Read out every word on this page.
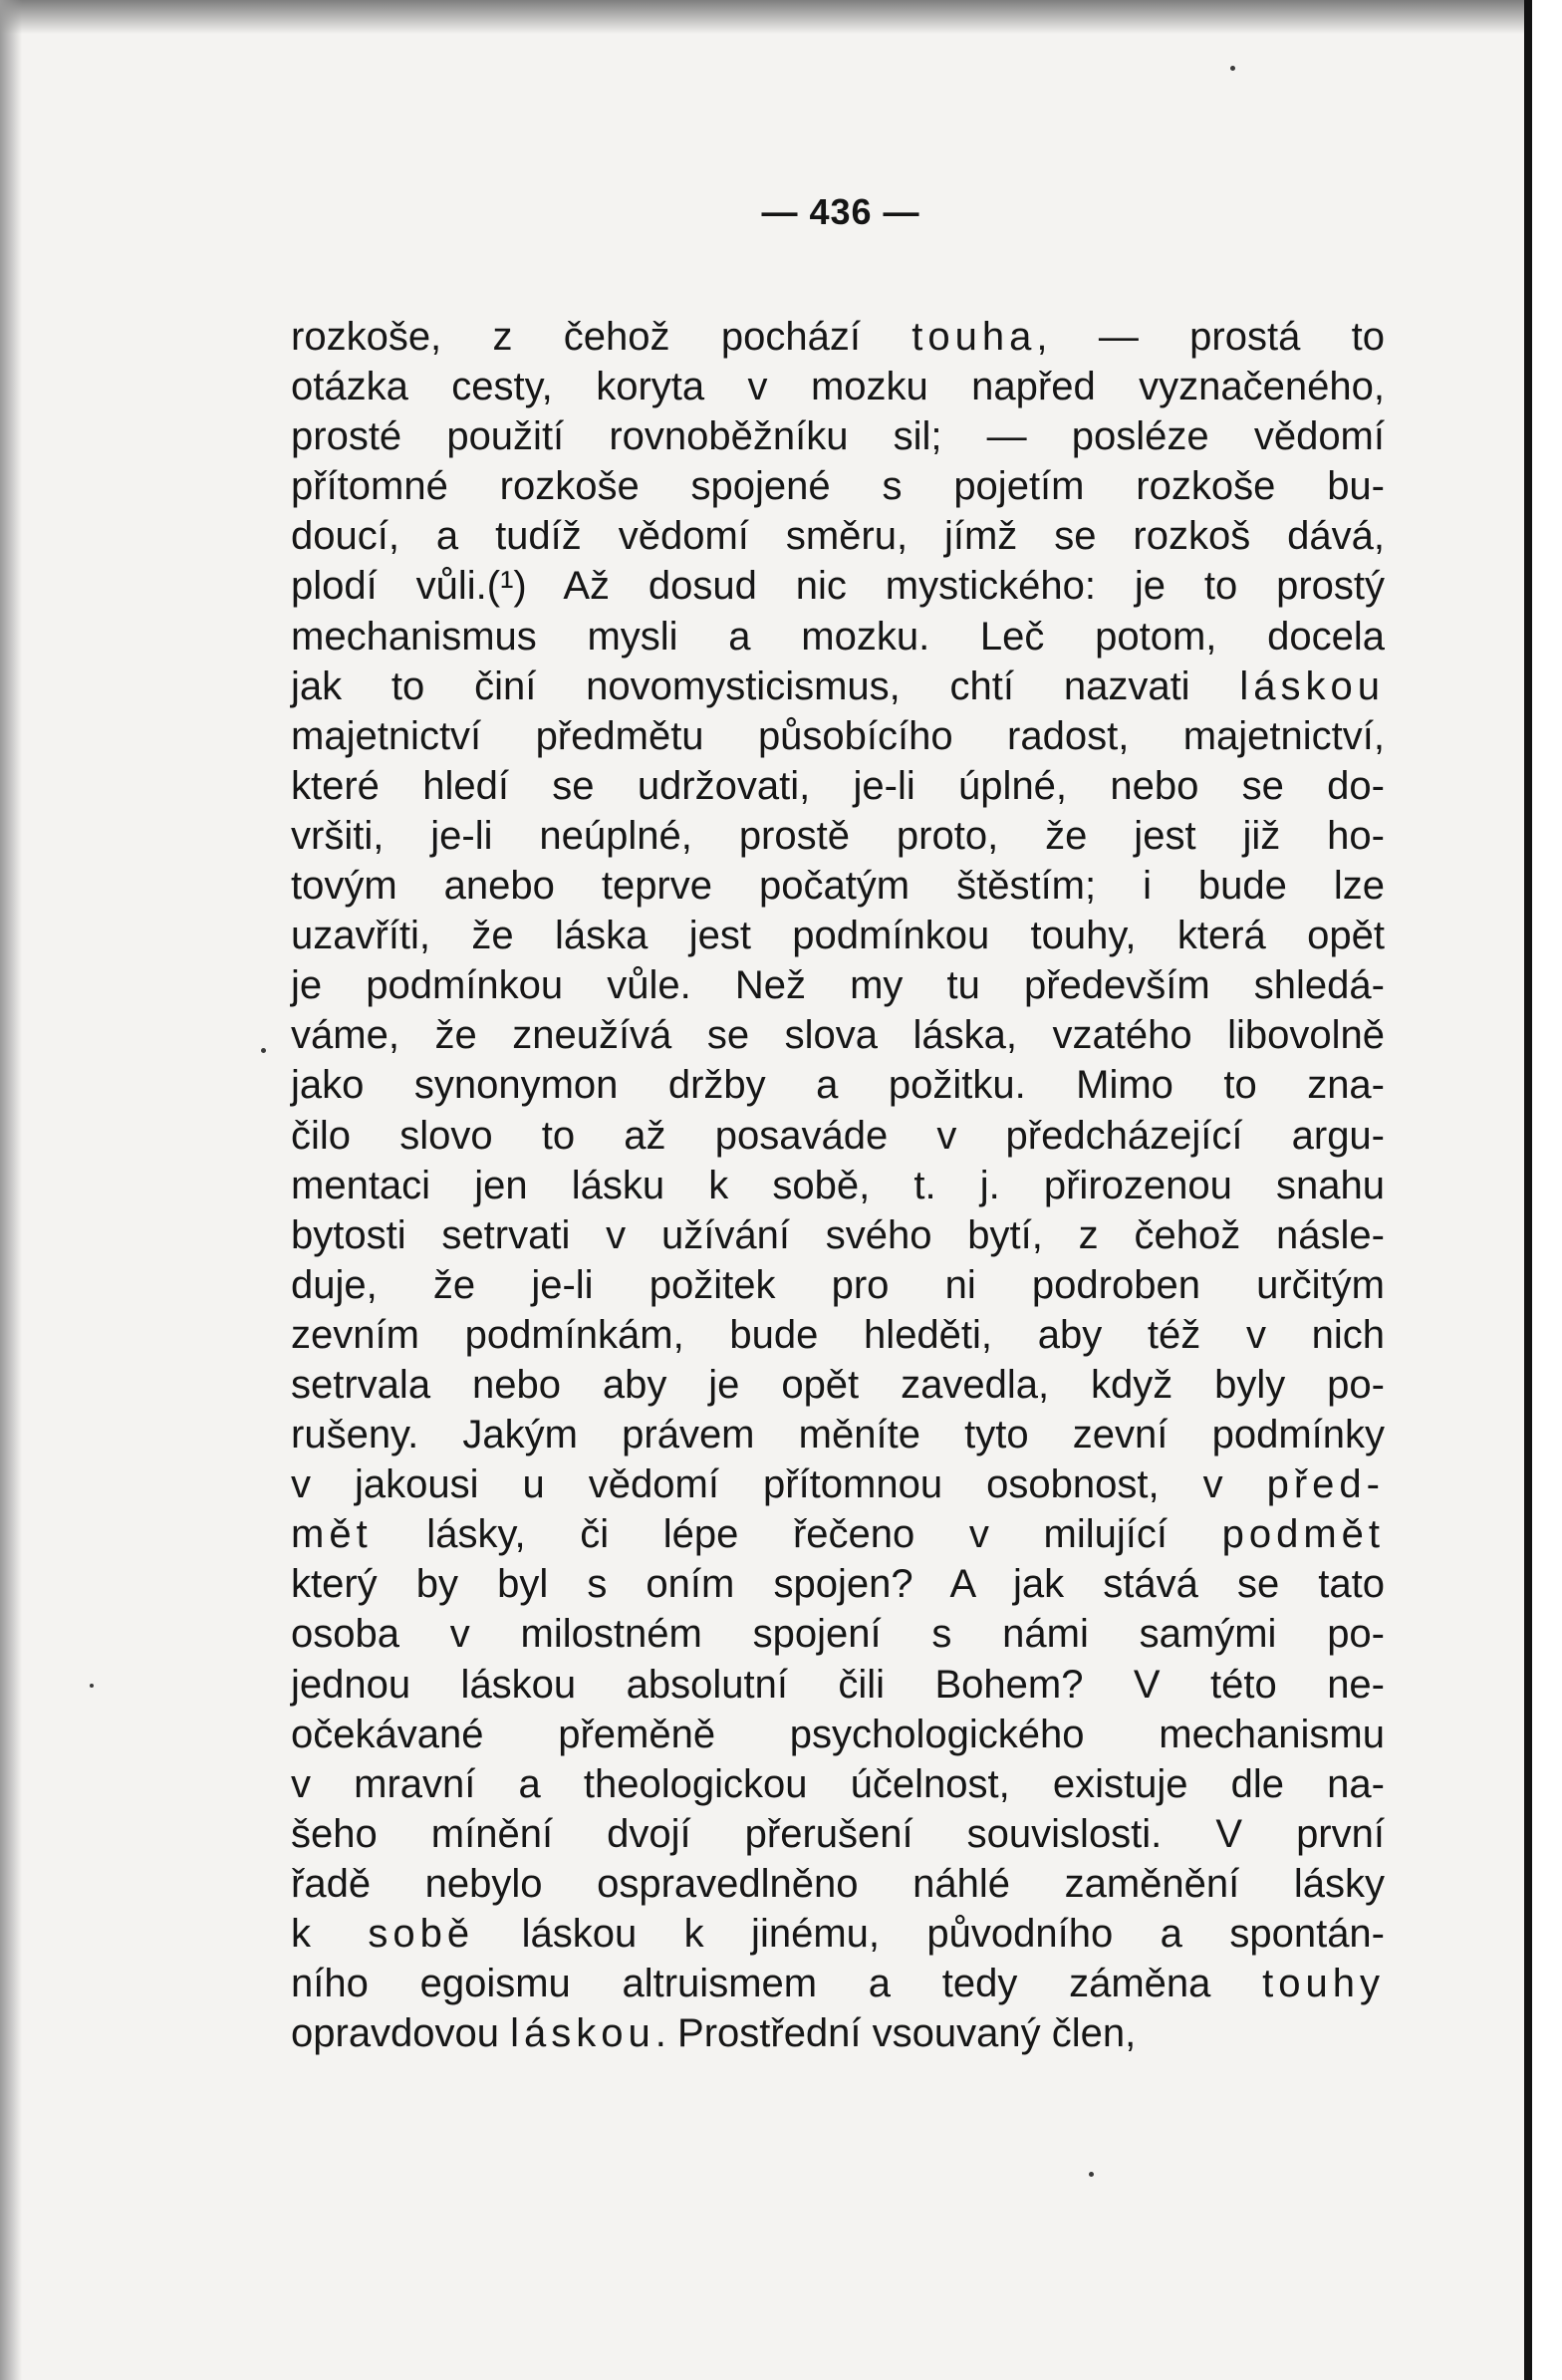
— 436 —
rozkoše, z čehož pochází touha, — prostá to
otázka cesty, koryta v mozku napřed vyznačeného,
prosté použití rovnoběžníku sil; — posléze vědomí
přítomné rozkoše spojené s pojetím rozkoše bu-
doucí, a tudíž vědomí směru, jímž se rozkoš dává,
plodí vůli.(¹) Až dosud nic mystického: je to prostý
mechanismus mysli a mozku. Leč potom, docela
jak to činí novomysticismus, chtí nazvati láskou
majetnictví předmětu působícího radost, majetnictví,
které hledí se udržovati, je-li úplné, nebo se do-
vršiti, je-li neúplné, prostě proto, že jest již ho-
tovým anebo teprve počatým štěstím; i bude lze
uzavříti, že láska jest podmínkou touhy, která opět
je podmínkou vůle. Než my tu především shledá-
váme, že zneužívá se slova láska, vzatého libovolně
jako synonymon držby a požitku. Mimo to zna-
čilo slovo to až posaváde v předcházející argu-
mentaci jen lásku k sobě, t. j. přirozenou snahu
bytosti setrvati v užívání svého bytí, z čehož násle-
duje, že je-li požitek pro ni podroben určitým
zevním podmínkám, bude hleděti, aby též v nich
setrvala nebo aby je opět zavedla, když byly po-
rušeny. Jakým právem měníte tyto zevní podmínky
v jakousi u vědomí přítomnou osobnost, v před-
mět lásky, či lépe řečeno v milující podmět
který by byl s oním spojen? A jak stává se tato
osoba v milostném spojení s námi samými po-
jednou láskou absolutní čili Bohem? V této ne-
očekávané přeměně psychologického mechanismu
v mravní a theologickou účelnost, existuje dle na-
šeho mínění dvojí přerušení souvislosti. V první
řadě nebylo ospravedlněno náhlé zaměnění lásky
k sobě láskou k jinému, původního a spontán-
ního egoismu altruismem a tedy záměna touhy
opravdovou láskou. Prostřední vsouvaný člen,
